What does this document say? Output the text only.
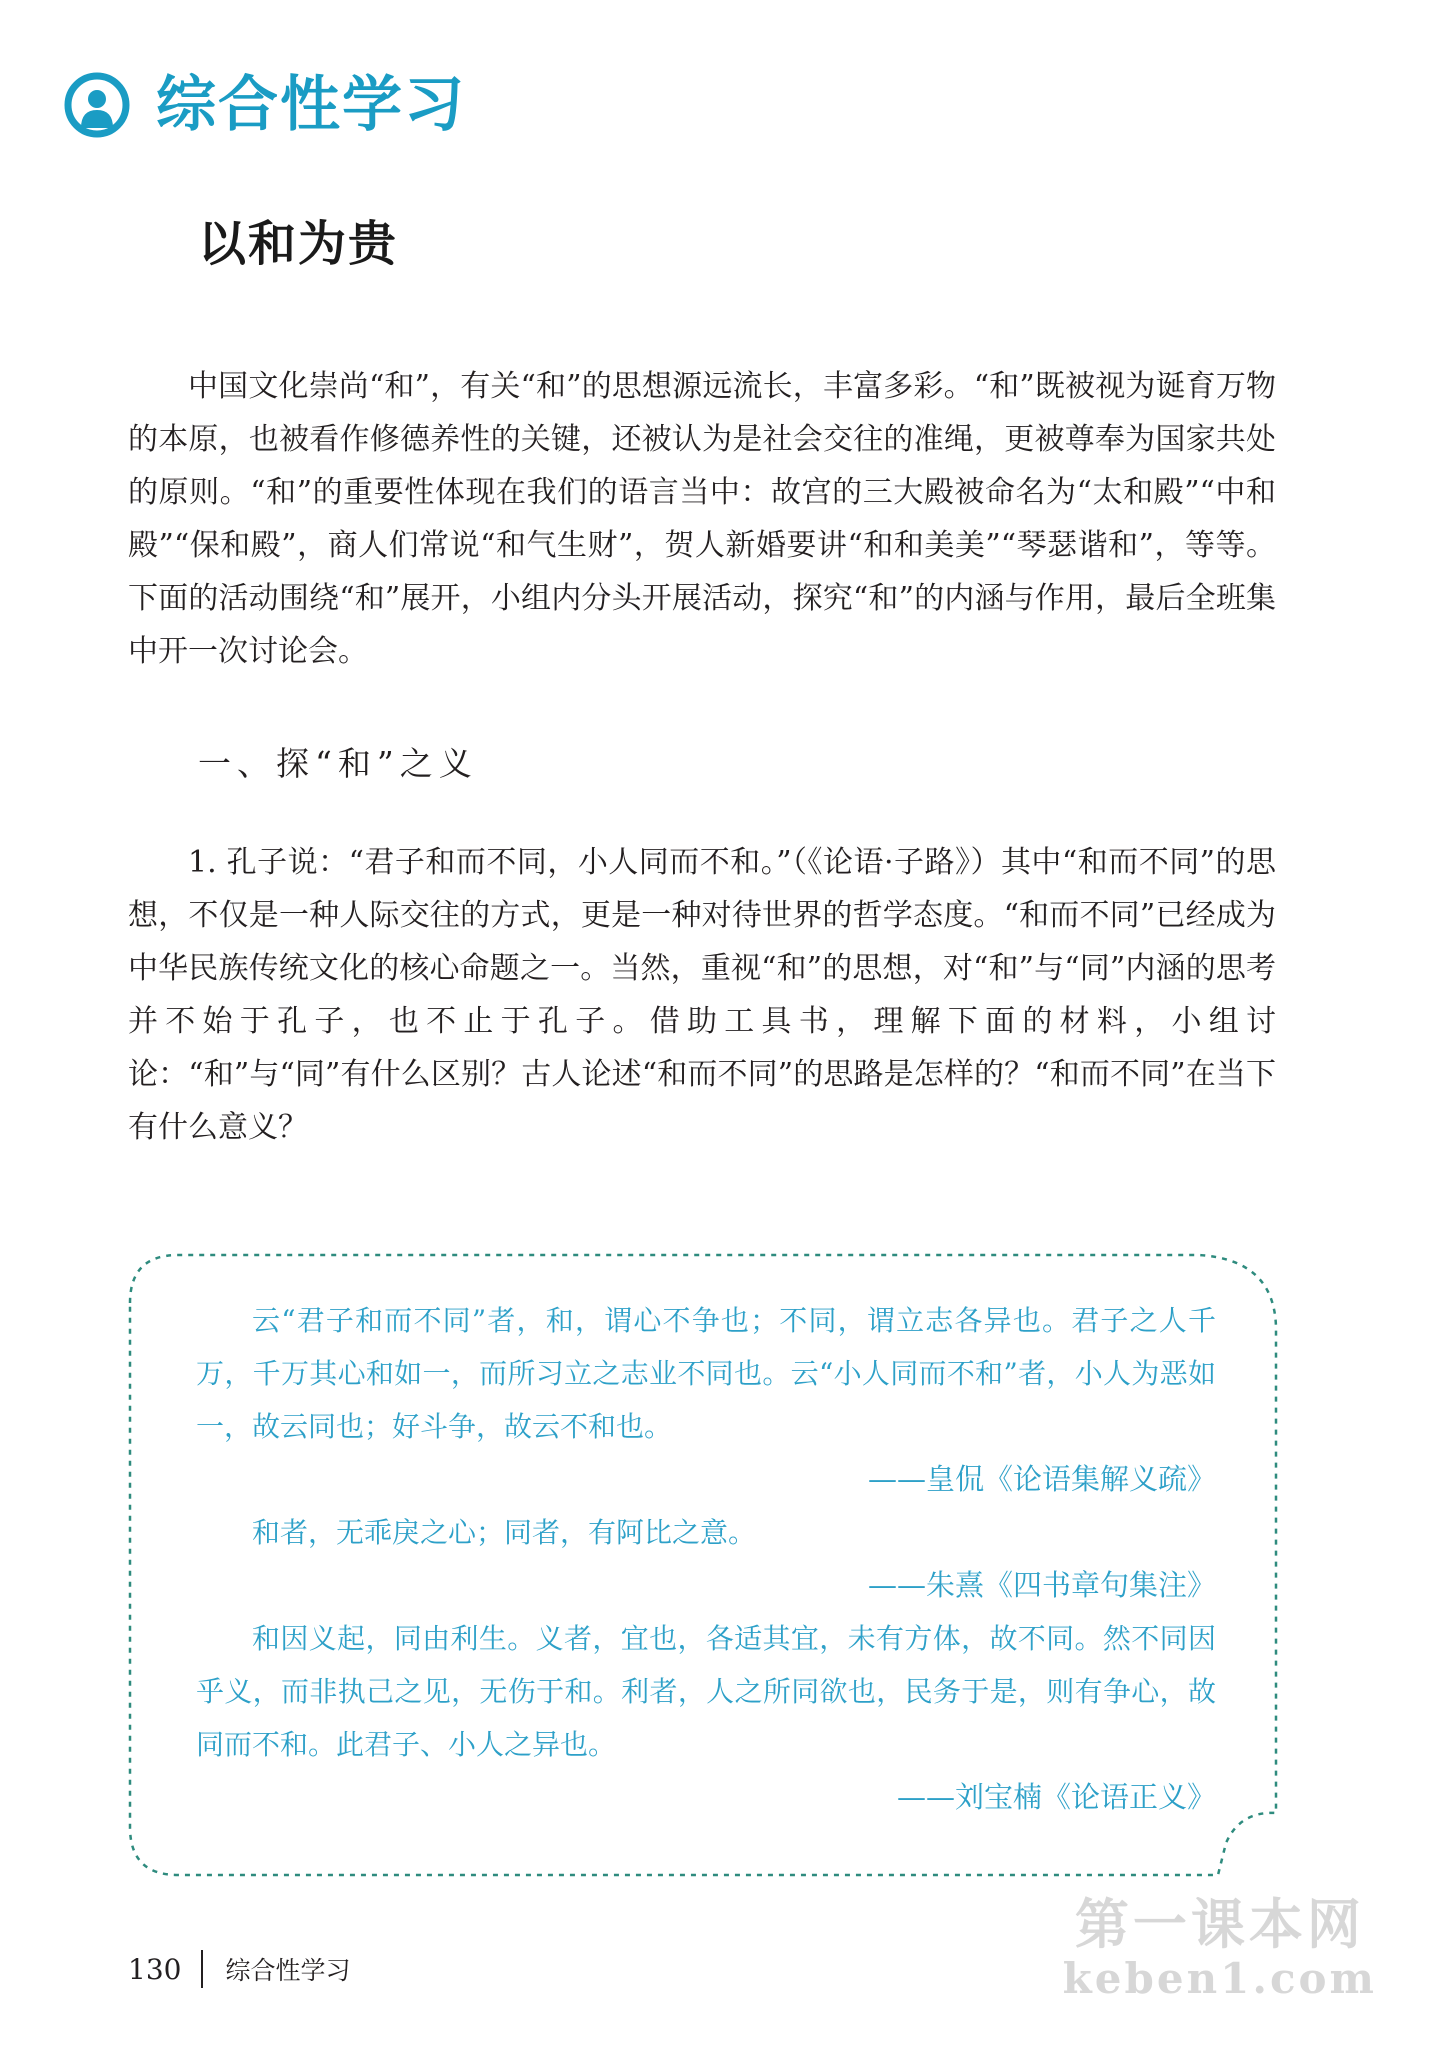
综合性学习
以和为贵

中国文化崇尚“和”，有关“和”的思想源远流长，丰富多彩。“和”既被视为诞育万物的本原，也被看作修德养性的关键，还被认为是社会交往的准绳，更被尊奉为国家共处的原则。“和”的重要性体现在我们的语言当中：故宫的三大殿被命名为“太和殿”“中和殿”“保和殿”，商人们常说“和气生财”，贺人新婚要讲“和和美美”“琴瑟谐和”，等等。下面的活动围绕“和”展开，小组内分头开展活动，探究“和”的内涵与作用，最后全班集中开一次讨论会。

一、探“和”之义

1. 孔子说：“君子和而不同，小人同而不和。”（《论语·子路》）其中“和而不同”的思想，不仅是一种人际交往的方式，更是一种对待世界的哲学态度。“和而不同”已经成为中华民族传统文化的核心命题之一。当然，重视“和”的思想，对“和”与“同”内涵的思考并不始于孔子，也不止于孔子。借助工具书，理解下面的材料，小组讨论：“和”与“同”有什么区别？古人论述“和而不同”的思路是怎样的？“和而不同”在当下有什么意义？

云“君子和而不同”者，和，谓心不争也；不同，谓立志各异也。君子之人千万，千万其心和如一，而所习立之志业不同也。云“小人同而不和”者，小人为恶如一，故云同也；好斗争，故云不和也。

——皇侃《论语集解义疏》

和者，无乖戾之心；同者，有阿比之意。

——朱熹《四书章句集注》

和因义起，同由利生。义者，宜也，各适其宜，未有方体，故不同。然不同因乎义，而非执己之见，无伤于和。利者，人之所同欲也，民务于是，则有争心，故同而不和。此君子、小人之异也。

——刘宝楠《论语正义》

130 综合性学习
第一课本网
keben1.com
